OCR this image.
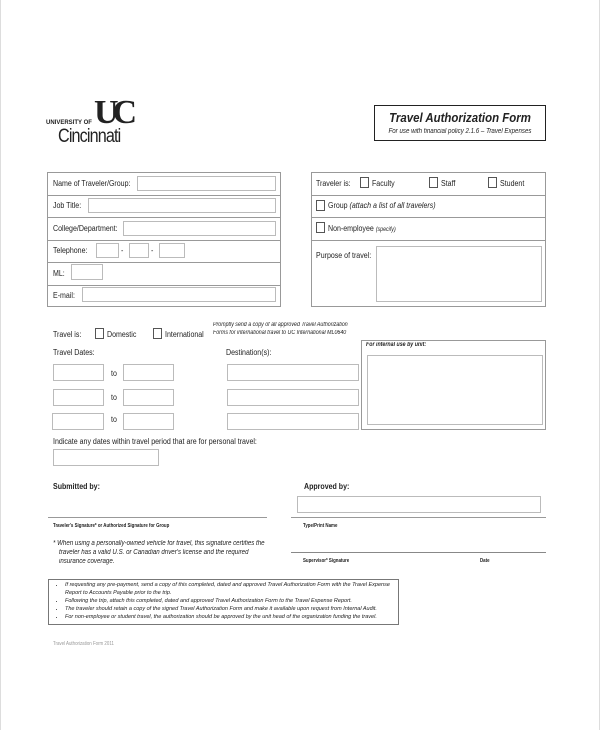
UC
UNIVERSITY OF
Cincinnati
Travel Authorization Form
For use with financial policy 2.1.6 – Travel Expenses
Name of Traveler/Group:
Job Title:
College/Department:
Telephone:	-	-
ML:
E-mail:
Traveler is:	Faculty	Staff	Student
Group (attach a list of all travelers)
Non-employee (specify)
Purpose of travel:
Travel is:	Domestic	International
Promptly send a copy of all approved Travel Authorization
Forms for international travel to UC International ML0640
Travel Dates:	Destination(s):
to
to
to
For internal use by unit:
Indicate any dates within travel period that are for personal travel:
Submitted by:	Approved by:
Traveler's Signature* or Authorized Signature for Group	Type/Print Name
* When using a personally-owned vehicle for travel, this signature certifies the
traveler has a valid U.S. or Canadian driver's license and the required
insurance coverage.	Supervisor* Signature	Date
• If requesting any pre-payment, send a copy of this completed, dated and approved Travel Authorization Form with the Travel Expense Report to Accounts Payable prior to the trip.
• Following the trip, attach this completed, dated and approved Travel Authorization Form to the Travel Expense Report.
• The traveler should retain a copy of the signed Travel Authorization Form and make it available upon request from Internal Audit.
• For non-employee or student travel, the authorization should be approved by the unit head of the organization funding the travel.
Travel Authorization Form 2011
